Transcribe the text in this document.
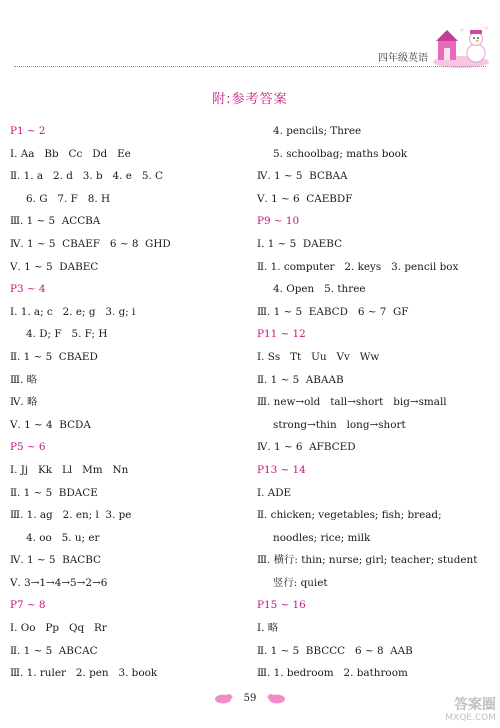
四年级英语
附:参考答案
P1 ~ 2
Ⅰ. Aa   Bb   Cc   Dd   Ee
Ⅱ. 1. a   2. d   3. b   4. e   5. C
6. G   7. F   8. H
Ⅲ. 1 ~ 5  ACCBA
Ⅳ. 1 ~ 5  CBAEF   6 ~ 8  GHD
Ⅴ. 1 ~ 5  DABEC
P3 ~ 4
Ⅰ. 1. a; c   2. e; g   3. g; i
4. D; F   5. F; H
Ⅱ. 1 ~ 5  CBAED
Ⅲ. 略
Ⅳ. 略
Ⅴ. 1 ~ 4  BCDA
P5 ~ 6
Ⅰ. Jj   Kk   Ll   Mm   Nn
Ⅱ. 1 ~ 5  BDACE
Ⅲ. 1. ag   2. en; l  3. pe
4. oo   5. u; er
Ⅳ. 1 ~ 5  BACBC
Ⅴ. 3→1→4→5→2→6
P7 ~ 8
Ⅰ. Oo   Pp   Qq   Rr
Ⅱ. 1 ~ 5  ABCAC
Ⅲ. 1. ruler   2. pen   3. book
4. pencils; Three
5. schoolbag; maths book
Ⅳ. 1 ~ 5  BCBAA
Ⅴ. 1 ~ 6  CAEBDF
P9 ~ 10
Ⅰ. 1 ~ 5  DAEBC
Ⅱ. 1. computer   2. keys   3. pencil box
4. Open   5. three
Ⅲ. 1 ~ 5  EABCD   6 ~ 7  GF
P11 ~ 12
Ⅰ. Ss   Tt   Uu   Vv   Ww
Ⅱ. 1 ~ 5  ABAAB
Ⅲ. new→old   tall→short   big→small
strong→thin   long→short
Ⅳ. 1 ~ 6  AFBCED
P13 ~ 14
Ⅰ. ADE
Ⅱ. chicken; vegetables; fish; bread;
noodles; rice; milk
Ⅲ. 横行: thin; nurse; girl; teacher; student
竖行: quiet
P15 ~ 16
Ⅰ. 略
Ⅱ. 1 ~ 5  BBCCC   6 ~ 8  AAB
Ⅲ. 1. bedroom   2. bathroom
59	答案圈
MXQE.COM
